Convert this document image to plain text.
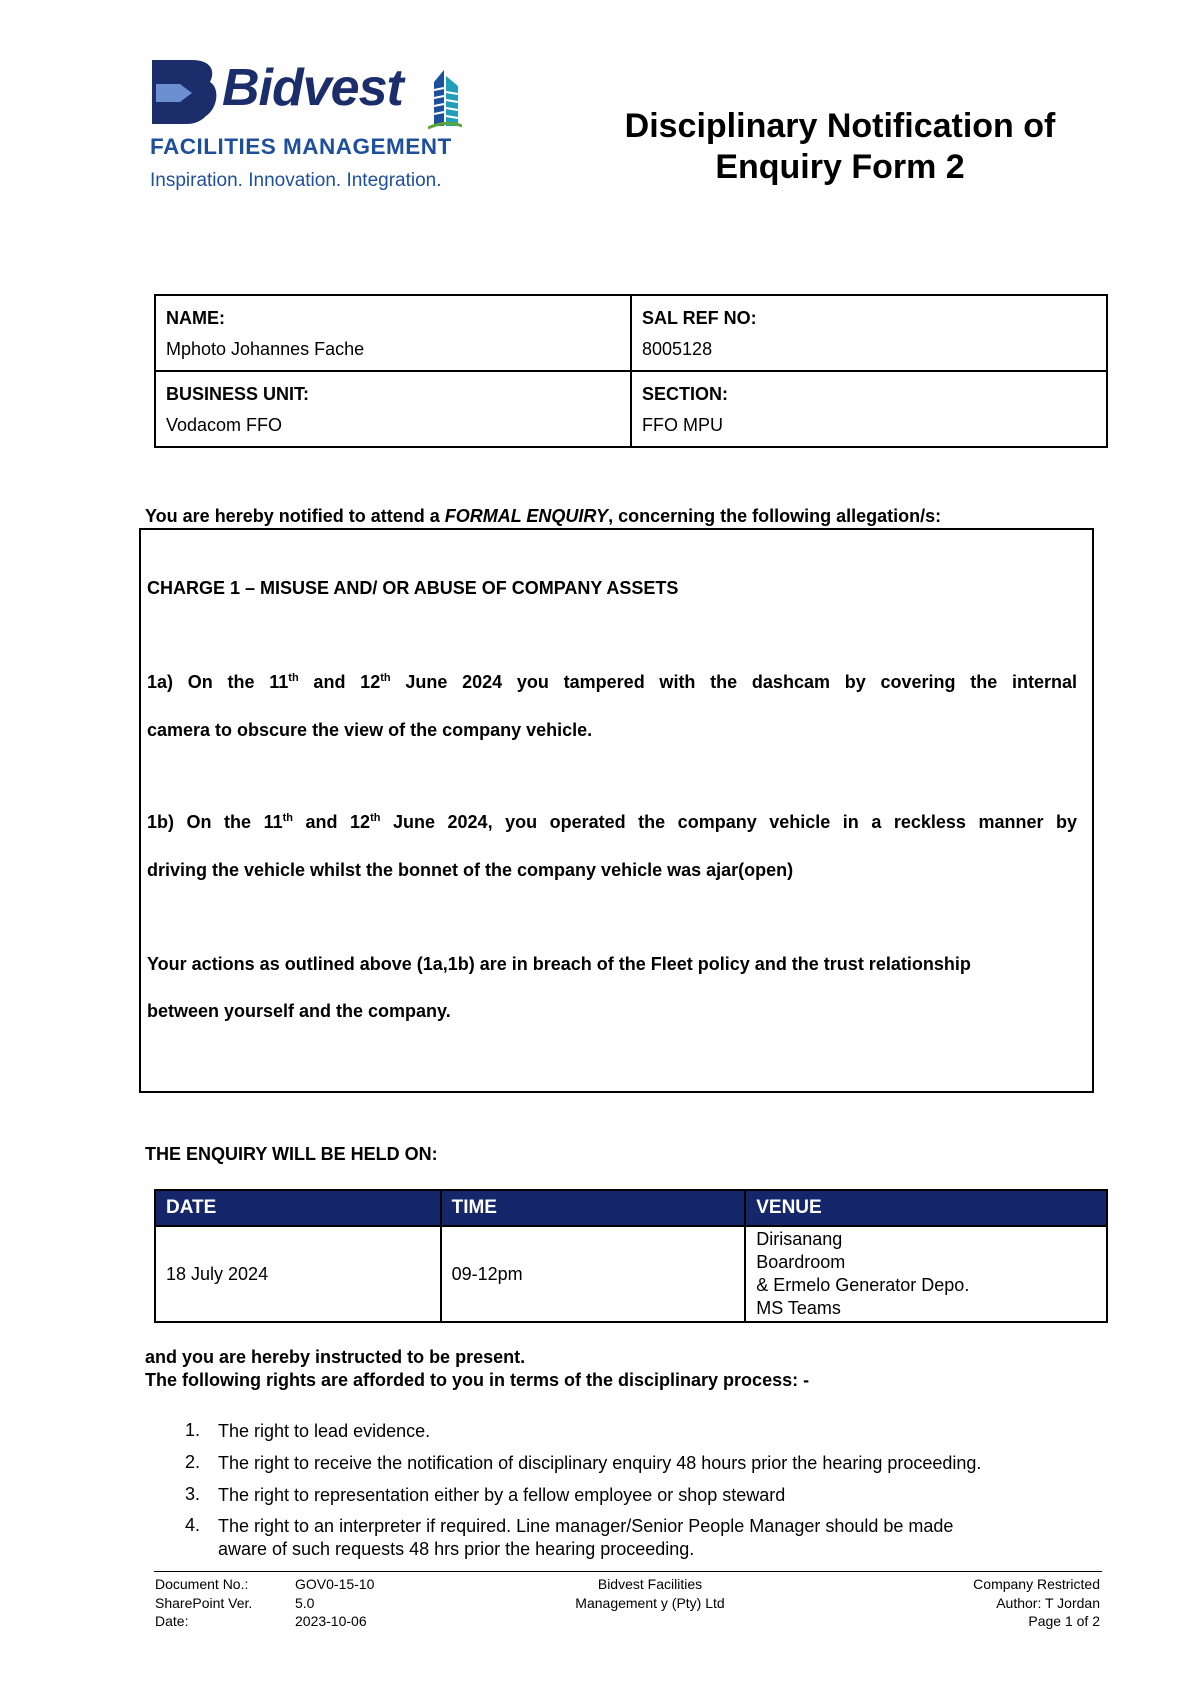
Bidvest
FACILITIES MANAGEMENT
Inspiration. Innovation. Integration.
Disciplinary Notification of
Enquiry Form 2
NAME:
Mphoto Johannes Fache	SAL REF NO:
8005128

BUSINESS UNIT:
Vodacom FFO	SECTION:
FFO MPU
You are hereby notified to attend a FORMAL ENQUIRY, concerning the following allegation/s:
CHARGE 1 – MISUSE AND/ OR ABUSE OF COMPANY ASSETS
1a) On the 11th and 12th June 2024 you tampered with the dashcam by covering the internal
camera to obscure the view of the company vehicle.
1b) On the 11th and 12th June 2024, you operated the company vehicle in a reckless manner by
driving the vehicle whilst the bonnet of the company vehicle was ajar(open)
Your actions as outlined above (1a,1b) are in breach of the Fleet policy and the trust relationship
between yourself and the company.
THE ENQUIRY WILL BE HELD ON:
DATE	TIME	VENUE
18 July 2024	09-12pm	Dirisanang
Boardroom
& Ermelo Generator Depo.
MS Teams
and you are hereby instructed to be present.
The following rights are afforded to you in terms of the disciplinary process: -
1. The right to lead evidence.
2. The right to receive the notification of disciplinary enquiry 48 hours prior the hearing proceeding.
3. The right to representation either by a fellow employee or shop steward
4. The right to an interpreter if required. Line manager/Senior People Manager should be made
aware of such requests 48 hrs prior the hearing proceeding.
Document No.:	GOV0-15-10
SharePoint Ver.	5.0
Date:	2023-10-06
Bidvest Facilities
Management y (Pty) Ltd
Company Restricted
Author: T Jordan
Page 1 of 2
